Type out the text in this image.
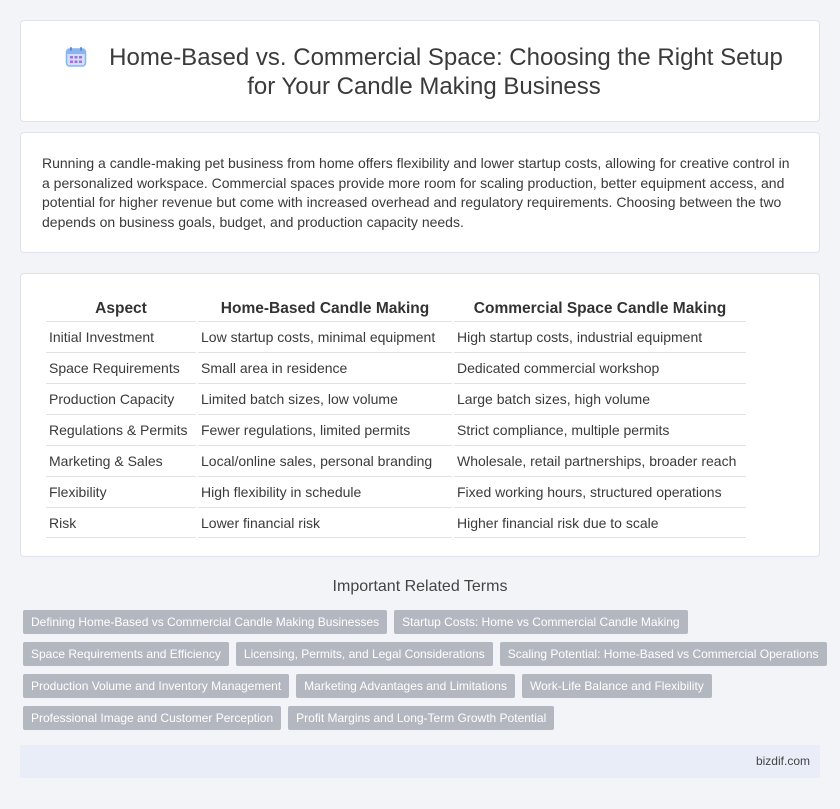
Home-Based vs. Commercial Space: Choosing the Right Setup for Your Candle Making Business

Running a candle-making pet business from home offers flexibility and lower startup costs, allowing for creative control in a personalized workspace. Commercial spaces provide more room for scaling production, better equipment access, and potential for higher revenue but come with increased overhead and regulatory requirements. Choosing between the two depends on business goals, budget, and production capacity needs.

Aspect	Home-Based Candle Making	Commercial Space Candle Making
Initial Investment	Low startup costs, minimal equipment	High startup costs, industrial equipment
Space Requirements	Small area in residence	Dedicated commercial workshop
Production Capacity	Limited batch sizes, low volume	Large batch sizes, high volume
Regulations & Permits	Fewer regulations, limited permits	Strict compliance, multiple permits
Marketing & Sales	Local/online sales, personal branding	Wholesale, retail partnerships, broader reach
Flexibility	High flexibility in schedule	Fixed working hours, structured operations
Risk	Lower financial risk	Higher financial risk due to scale
Important Related Terms
Defining Home-Based vs Commercial Candle Making Businesses	Startup Costs: Home vs Commercial Candle Making
Space Requirements and Efficiency	Licensing, Permits, and Legal Considerations	Scaling Potential: Home-Based vs Commercial Operations
Production Volume and Inventory Management	Marketing Advantages and Limitations	Work-Life Balance and Flexibility
Professional Image and Customer Perception	Profit Margins and Long-Term Growth Potential
bizdif.com
